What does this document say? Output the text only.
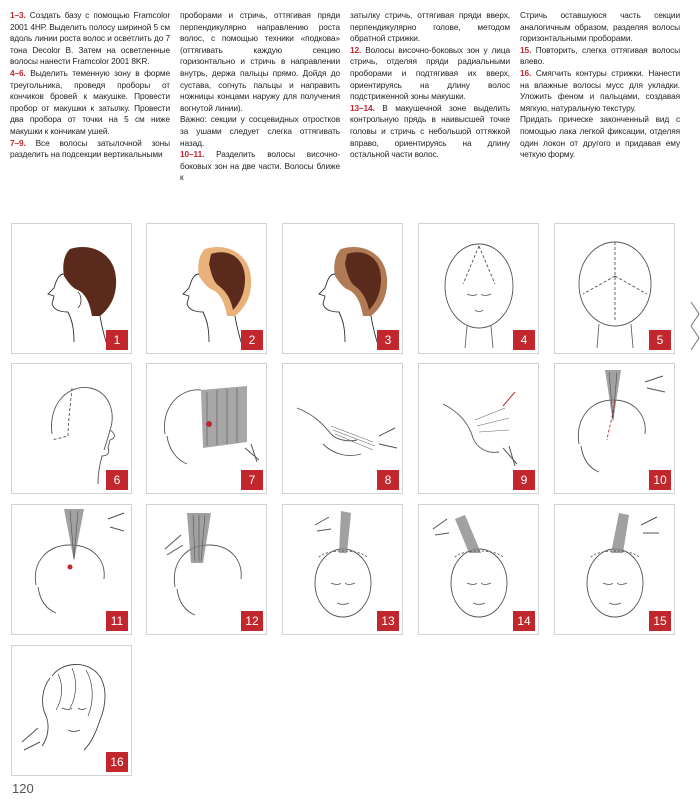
1–3. Создать базу с помощью Framcolor 2001 4НР. Выделить полосу шириной 5 см вдоль линии роста волос и осветлить до 7 тона Decolor B. Затем на осветленные волосы нанести Framcolor 2001 8KR.

4–6. Выделить теменную зону в форме треугольника, проведя проборы от кончиков бровей к макушке. Провести пробор от макушки к затылку. Провести два пробора от точки на 5 см ниже макушки к кончикам ушей.

7–9. Все волосы затылочной зоны разделить на подсекции вертикальными

проборами и стричь, оттягивая пряди перпендикулярно направлению роста волос, с помощью техники «подкова» (оттягивать каждую секцию горизонтально и стричь в направлении внутрь, держа пальцы прямо. Дойдя до сустава, согнуть пальцы и направить ножницы концами наружу для получения вогнутой линии).

Важно: секции у сосцевидных отростков за ушами следует слегка оттягивать назад.

10–11. Разделить волосы височно-боковых зон на две части. Волосы ближе к

затылку стричь, оттягивая пряди вверх, перпендикулярно голове, методом обратной стрижки.

12. Волосы височно-боковых зон у лица стричь, отделяя пряди радиальными проборами и подтягивая их вверх, ориентируясь на длину волос подстриженной зоны макушки.

13–14. В макушечной зоне выделить контрольную прядь в наивысшей точке головы и стричь с небольшой оттяжкой вправо, ориентируясь на длину остальной части волос.

Стричь оставшуюся часть секции аналогичным образом, разделяя волосы горизонтальными проборами.

15. Повторить, слегка оттягивая волосы влево.

16. Смягчить контуры стрижки. Нанести на влажные волосы мусс для укладки. Уложить феном и пальцами, создавая мягкую, натуральную текстуру.

Придать прическе законченный вид с помощью лака легкой фиксации, отделяя один локон от другого и придавая ему четкую форму.

1	2	3	4	5
6	7	8	9	10
11	12	13	14	15
16
120
